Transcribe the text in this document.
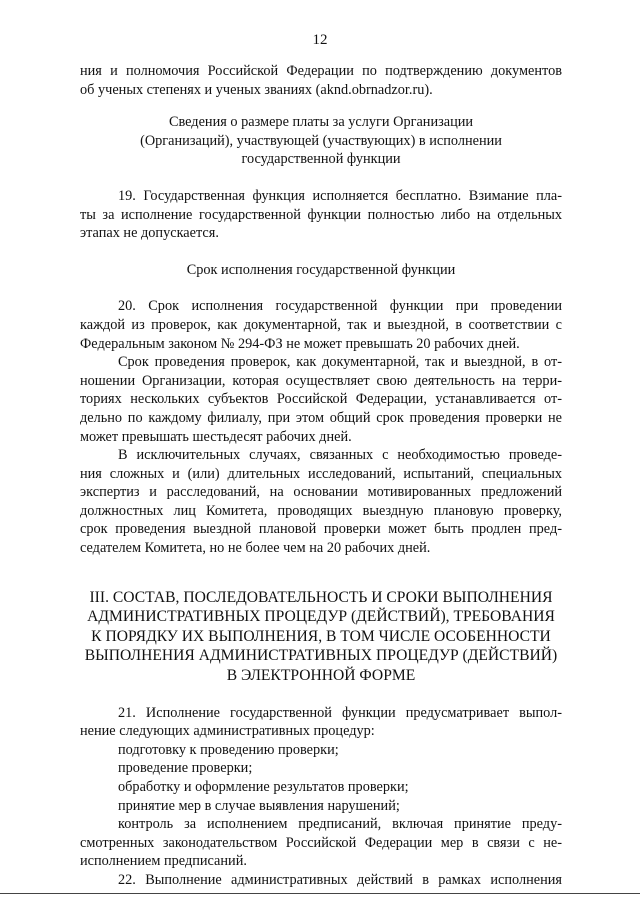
12

ния и полномочия Российской Федерации по подтверждению документов

об ученых степенях и ученых званиях (aknd.obrnadzor.ru).

Сведения о размере платы за услуги Организации

(Организаций), участвующей (участвующих) в исполнении

государственной функции

19. Государственная функция исполняется бесплатно. Взимание пла-

ты за исполнение государственной функции полностью либо на отдельных

этапах не допускается.

Срок исполнения государственной функции

20. Срок исполнения государственной функции при проведении

каждой из проверок, как документарной, так и выездной, в соответствии с

Федеральным законом № 294-ФЗ не может превышать 20 рабочих дней.

Срок проведения проверок, как документарной, так и выездной, в от-

ношении Организации, которая осуществляет свою деятельность на терри-

ториях нескольких субъектов Российской Федерации, устанавливается от-

дельно по каждому филиалу, при этом общий срок проведения проверки не

может превышать шестьдесят рабочих дней.

В исключительных случаях, связанных с необходимостью проведе-

ния сложных и (или) длительных исследований, испытаний, специальных

экспертиз и расследований, на основании мотивированных предложений

должностных лиц Комитета, проводящих выездную плановую проверку,

срок проведения выездной плановой проверки может быть продлен пред-

седателем Комитета, но не более чем на 20 рабочих дней.

III. СОСТАВ, ПОСЛЕДОВАТЕЛЬНОСТЬ И СРОКИ ВЫПОЛНЕНИЯ

АДМИНИСТРАТИВНЫХ ПРОЦЕДУР (ДЕЙСТВИЙ), ТРЕБОВАНИЯ

К ПОРЯДКУ ИХ ВЫПОЛНЕНИЯ, В ТОМ ЧИСЛЕ ОСОБЕННОСТИ

ВЫПОЛНЕНИЯ АДМИНИСТРАТИВНЫХ ПРОЦЕДУР (ДЕЙСТВИЙ)

В ЭЛЕКТРОННОЙ ФОРМЕ

21. Исполнение государственной функции предусматривает выпол-

нение следующих административных процедур:

подготовку к проведению проверки;

проведение проверки;

обработку и оформление результатов проверки;

принятие мер в случае выявления нарушений;

контроль за исполнением предписаний, включая принятие преду-

смотренных законодательством Российской Федерации мер в связи с не-

исполнением предписаний.

22. Выполнение административных действий в рамках исполнения
